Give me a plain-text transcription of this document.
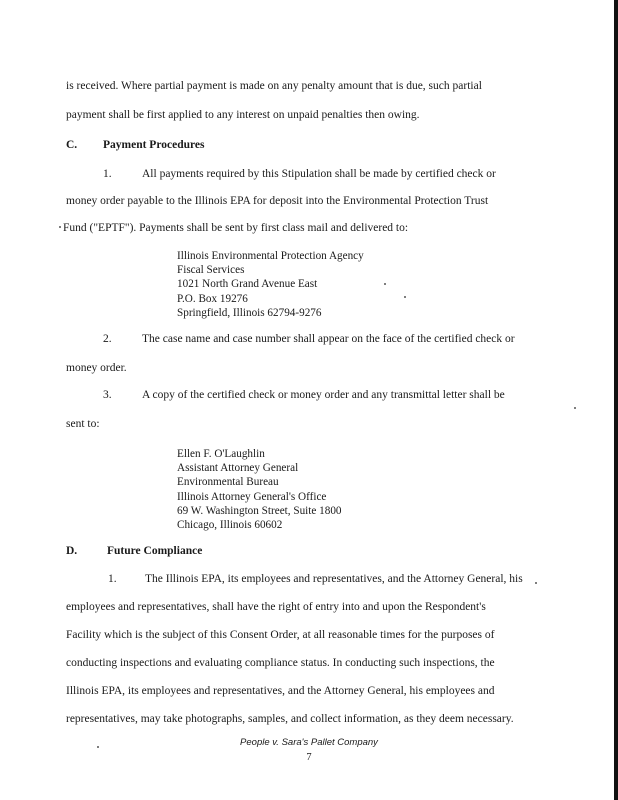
is received. Where partial payment is made on any penalty amount that is due, such partial
payment shall be first applied to any interest on unpaid penalties then owing.
C. Payment Procedures
1.	All payments required by this Stipulation shall be made by certified check or
money order payable to the Illinois EPA for deposit into the Environmental Protection Trust
Fund ("EPTF"). Payments shall be sent by first class mail and delivered to:
Illinois Environmental Protection Agency
Fiscal Services
1021 North Grand Avenue East
P.O. Box 19276
Springfield, Illinois 62794-9276
2.	The case name and case number shall appear on the face of the certified check or
money order.
3.	A copy of the certified check or money order and any transmittal letter shall be
sent to:
Ellen F. O'Laughlin
Assistant Attorney General
Environmental Bureau
Illinois Attorney General's Office
69 W. Washington Street, Suite 1800
Chicago, Illinois 60602
D.	Future Compliance
1. The Illinois EPA, its employees and representatives, and the Attorney General, his
employees and representatives, shall have the right of entry into and upon the Respondent's
Facility which is the subject of this Consent Order, at all reasonable times for the purposes of
conducting inspections and evaluating compliance status. In conducting such inspections, the
Illinois EPA, its employees and representatives, and the Attorney General, his employees and
representatives, may take photographs, samples, and collect information, as they deem necessary.
People v. Sara's Pallet Company
7
